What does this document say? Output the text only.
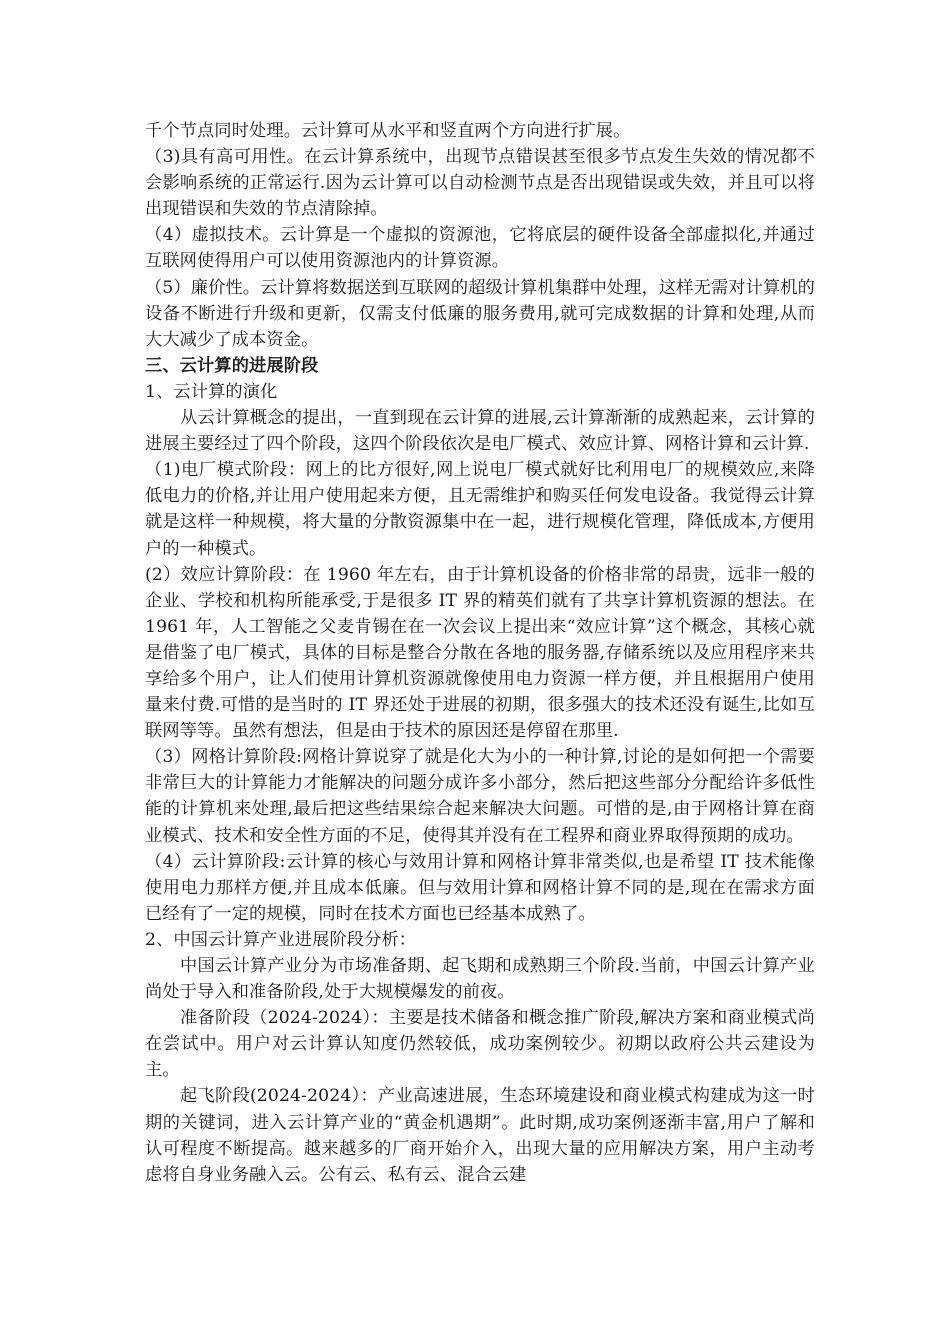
千个节点同时处理。云计算可从水平和竖直两个方向进行扩展。

（3)具有高可用性。在云计算系统中，出现节点错误甚至很多节点发生失效的情况都不会影响系统的正常运行.因为云计算可以自动检测节点是否出现错误或失效，并且可以将出现错误和失效的节点清除掉。

（4）虚拟技术。云计算是一个虚拟的资源池，它将底层的硬件设备全部虚拟化,并通过互联网使得用户可以使用资源池内的计算资源。

（5）廉价性。云计算将数据送到互联网的超级计算机集群中处理，这样无需对计算机的设备不断进行升级和更新，仅需支付低廉的服务费用,就可完成数据的计算和处理,从而大大减少了成本资金。

三、云计算的进展阶段

1、云计算的演化

从云计算概念的提出，一直到现在云计算的进展,云计算渐渐的成熟起来，云计算的进展主要经过了四个阶段，这四个阶段依次是电厂模式、效应计算、网格计算和云计算.

（1)电厂模式阶段：网上的比方很好,网上说电厂模式就好比利用电厂的规模效应,来降低电力的价格,并让用户使用起来方便，且无需维护和购买任何发电设备。我觉得云计算就是这样一种规模，将大量的分散资源集中在一起，进行规模化管理，降低成本,方便用户的一种模式。

(2）效应计算阶段：在 1960 年左右，由于计算机设备的价格非常的昂贵，远非一般的企业、学校和机构所能承受,于是很多 IT 界的精英们就有了共享计算机资源的想法。在 1961 年，人工智能之父麦肯锡在在一次会议上提出来“效应计算”这个概念，其核心就是借鉴了电厂模式，具体的目标是整合分散在各地的服务器,存储系统以及应用程序来共享给多个用户，让人们使用计算机资源就像使用电力资源一样方便，并且根据用户使用量来付费.可惜的是当时的 IT 界还处于进展的初期，很多强大的技术还没有诞生,比如互联网等等。虽然有想法，但是由于技术的原因还是停留在那里.

（3）网格计算阶段:网格计算说穿了就是化大为小的一种计算,讨论的是如何把一个需要非常巨大的计算能力才能解决的问题分成许多小部分，然后把这些部分分配给许多低性能的计算机来处理,最后把这些结果综合起来解决大问题。可惜的是,由于网格计算在商业模式、技术和安全性方面的不足，使得其并没有在工程界和商业界取得预期的成功。

（4）云计算阶段:云计算的核心与效用计算和网格计算非常类似,也是希望 IT 技术能像使用电力那样方便,并且成本低廉。但与效用计算和网格计算不同的是,现在在需求方面已经有了一定的规模，同时在技术方面也已经基本成熟了。

2、中国云计算产业进展阶段分析：

中国云计算产业分为市场准备期、起飞期和成熟期三个阶段.当前，中国云计算产业尚处于导入和准备阶段,处于大规模爆发的前夜。

准备阶段（2024-2024）：主要是技术储备和概念推广阶段,解决方案和商业模式尚在尝试中。用户对云计算认知度仍然较低，成功案例较少。初期以政府公共云建设为主。

起飞阶段(2024-2024）：产业高速进展，生态环境建设和商业模式构建成为这一时期的关键词，进入云计算产业的“黄金机遇期”。此时期,成功案例逐渐丰富,用户了解和认可程度不断提高。越来越多的厂商开始介入，出现大量的应用解决方案，用户主动考虑将自身业务融入云。公有云、私有云、混合云建
